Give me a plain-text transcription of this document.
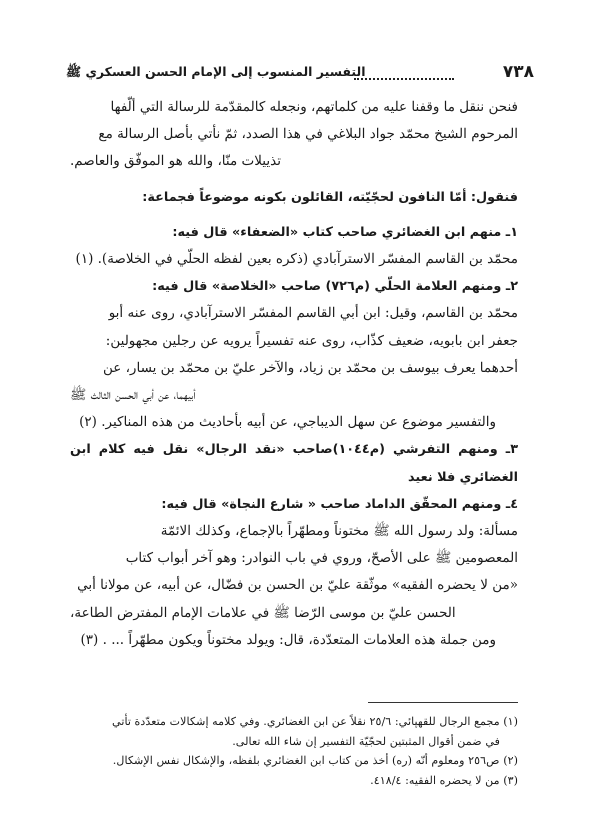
٧٣٨
التفسير المنسوب إلى الإمام الحسن العسكري ﷺ

فنحن ننقل ما وقفنا عليه من كلماتهم، ونجعله كالمقدّمة للرسالة التي ألّفها

المرحوم الشيخ محمّد جواد البلاغي في هذا الصدد، ثمّ نأتي بأصل الرسالة مع

تذييلات منّا، والله هو الموفّق والعاصم.

فنقول: أمّا النافون لحجّيّته، القائلون بكونه موضوعاً فجماعة:

١ـ منهم ابن الغضائري صاحب كتاب «الضعفاء» قال فيه:

محمّد بن القاسم المفسّر الاسترآبادي (ذكره بعين لفظه الحلّي في الخلاصة). (١)

٢ـ ومنهم العلامة الحلّي (م٧٢٦) صاحب «الخلاصة» قال فيه:

محمّد بن القاسم، وقيل: ابن أبي القاسم المفسّر الاسترآبادي، روى عنه أبو

جعفر ابن بابويه، ضعيف كذّاب، روى عنه تفسيراً يرويه عن رجلين مجهولين:

أحدهما يعرف بيوسف بن محمّد بن زياد، والآخر عليّ بن محمّد بن يسار، عن

أبيهما، عن أبي الحسن الثالث ﷺ

والتفسير موضوع عن سهل الديباجي، عن أبيه بأحاديث من هذه المناكير. (٢)

٣ـ ومنهم التفرشي (م١٠٤٤)صاحب «نقد الرجال» نقل فيه كلام ابن الغضائري فلا نعيد

٤ـ ومنهم المحقّق الداماد صاحب « شارع النجاة» قال فيه:

مسألة: ولد رسول الله ﷺ مختوناً ومطهّراً بالإجماع، وكذلك الائمّة

المعصومين ﷺ على الأصحّ، وروي في باب النوادر: وهو آخر أبواب كتاب

«من لا يحضره الفقيه» موثّقة عليّ بن الحسن بن فضّال، عن أبيه، عن مولانا أبي

الحسن عليّ بن موسى الرّضا ﷺ في علامات الإمام المفترض الطاعة،

ومن جملة هذه العلامات المتعدّدة، قال: ويولد مختوناً ويكون مطهّراً ... . (٣)

(١) مجمع الرجال للقهپائي: ٢٥/٦ نقلاً عن ابن الغضائري. وفي كلامه إشكالات متعدّدة تأتي

في ضمن أقوال المثبتين لحجّيّة التفسير إن شاء الله تعالى.

(٢) ص٢٥٦ ومعلوم أنّه (ره) أخذ من كتاب ابن الغضائري بلفظه، والإشكال نفس الإشكال.

(٣) من لا يحضره الفقيه: ٤١٨/٤.
